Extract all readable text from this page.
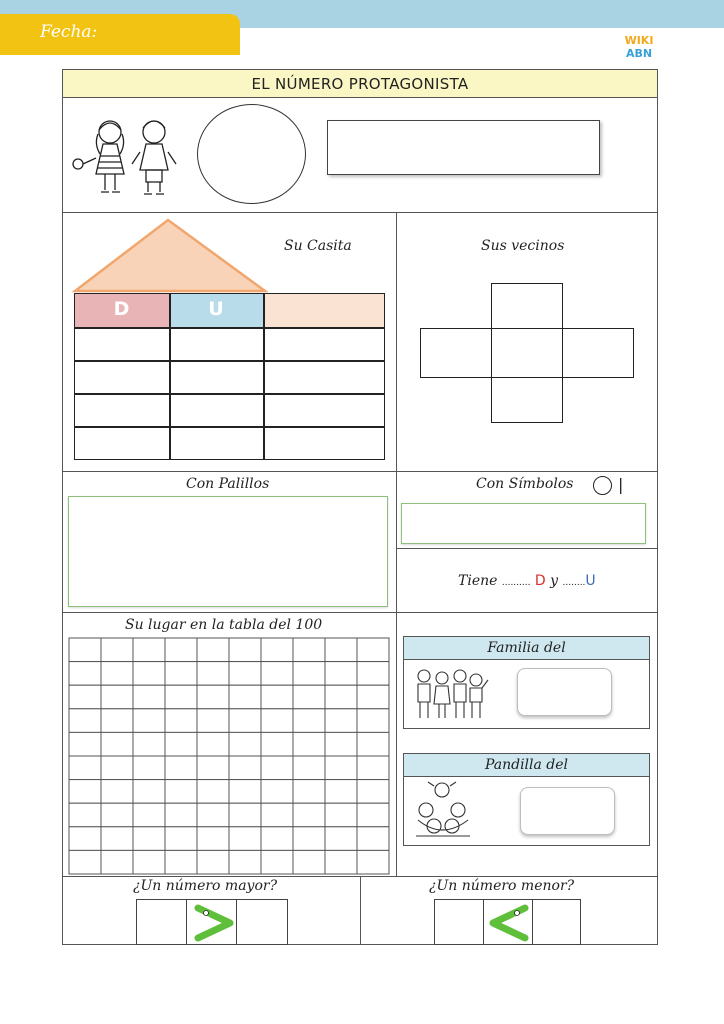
Fecha:	WIKI
ABN
EL NÚMERO PROTAGONISTA
Su Casita
D	U
Sus vecinos
Con Palillos	Con Símbolos	|
Tiene .......... D y ........U
Su lugar en la tabla del 100
Familia del
Pandilla del
¿Un número mayor?	¿Un número menor?
